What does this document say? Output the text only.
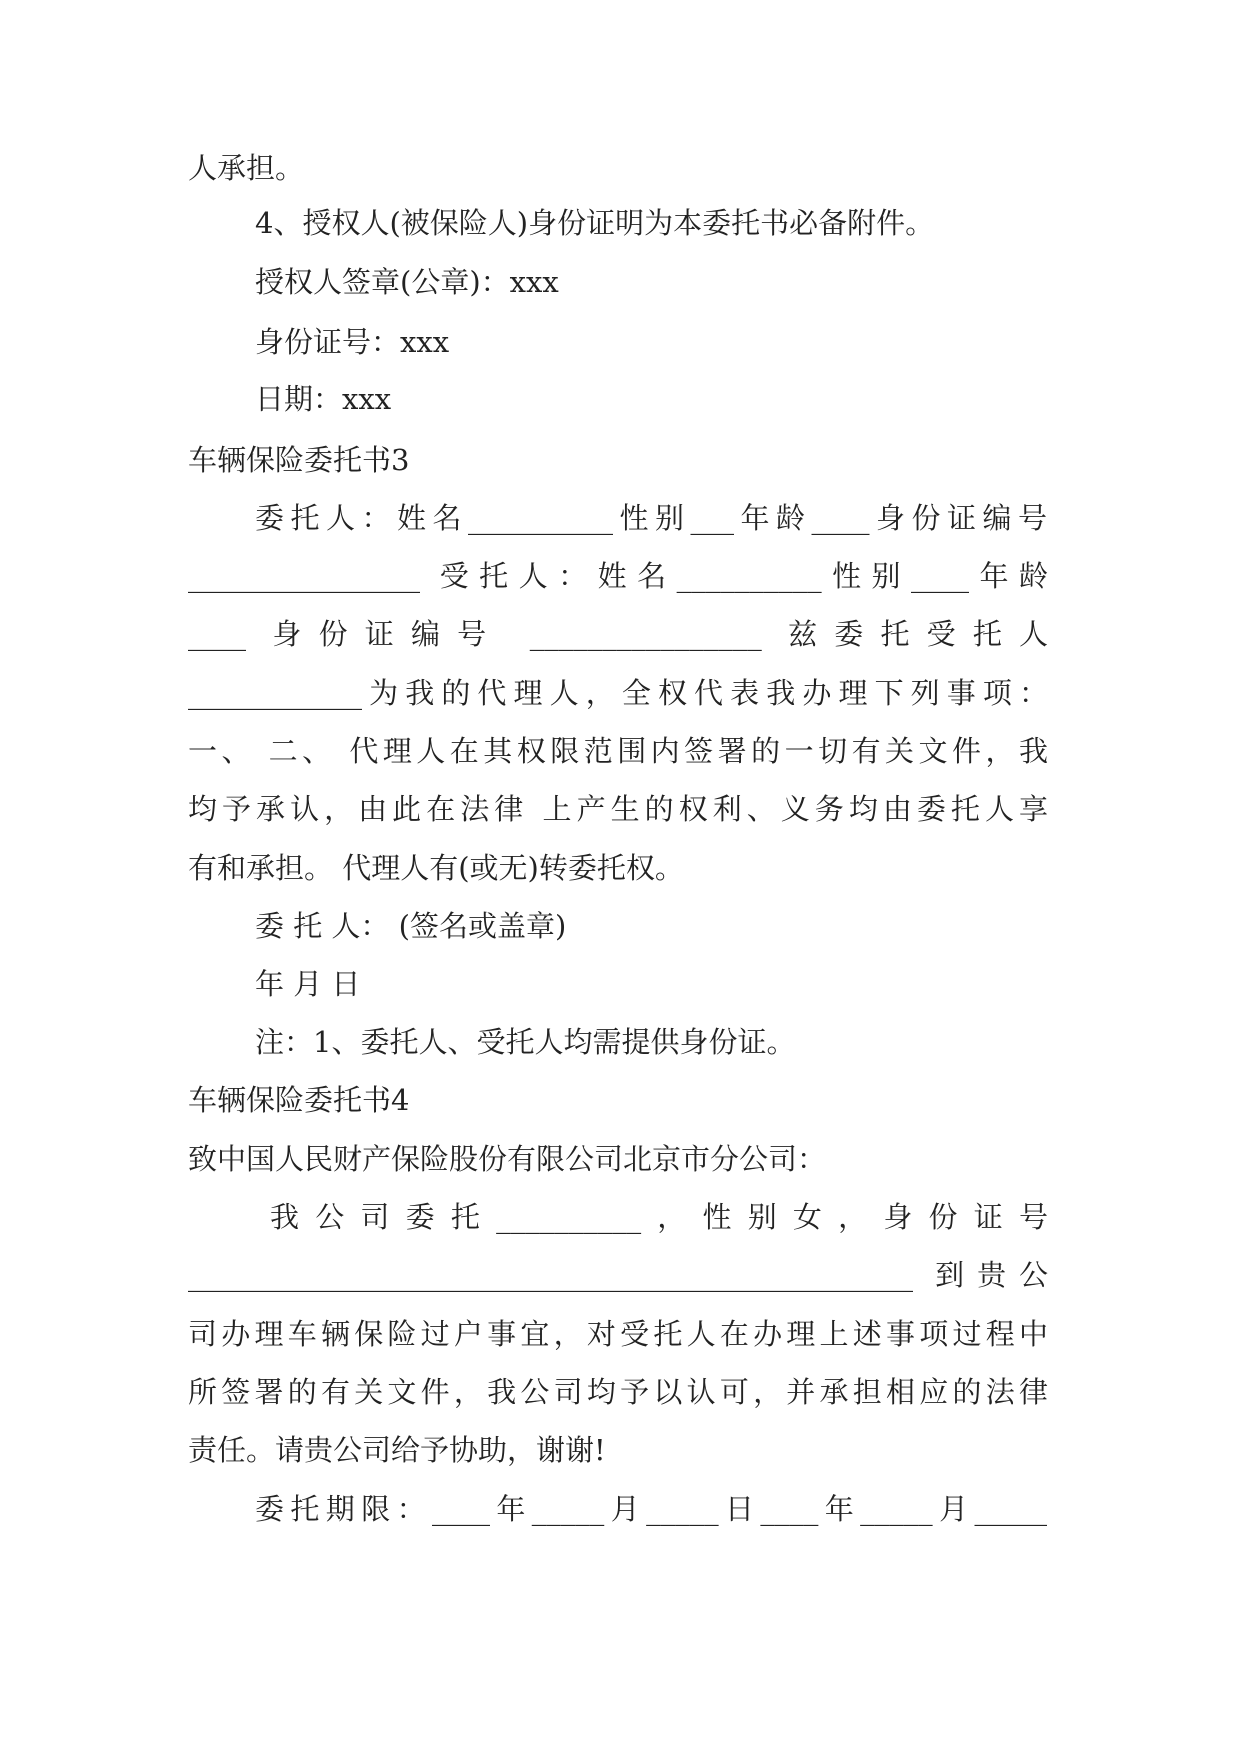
人承担。
4、授权人(被保险人)身份证明为本委托书必备附件。
授权人签章(公章)：xxx
身份证号：xxx
日期：xxx
车辆保险委托书3
委托人：姓名__________性别___年龄____身份证编号
________________ 受托人：姓名__________性别____年龄
____ 身份证编号 ________________ 兹委托受托人
____________为我的代理人，全权代表我办理下列事项：
一、 二、 代理人在其权限范围内签署的一切有关文件，我
均予承认，由此在法律 上产生的权利、义务均由委托人享
有和承担。 代理人有(或无)转委托权。
委 托 人： (签名或盖章)
年 月 日
注：1、委托人、受托人均需提供身份证。
车辆保险委托书4
致中国人民财产保险股份有限公司北京市分公司：
我公司委托__________，性别女，身份证号
__________________________________________________ 到贵公
司办理车辆保险过户事宜，对受托人在办理上述事项过程中
所签署的有关文件，我公司均予以认可，并承担相应的法律
责任。请贵公司给予协助，谢谢!
委托期限：____年_____月_____日____年_____月_____
